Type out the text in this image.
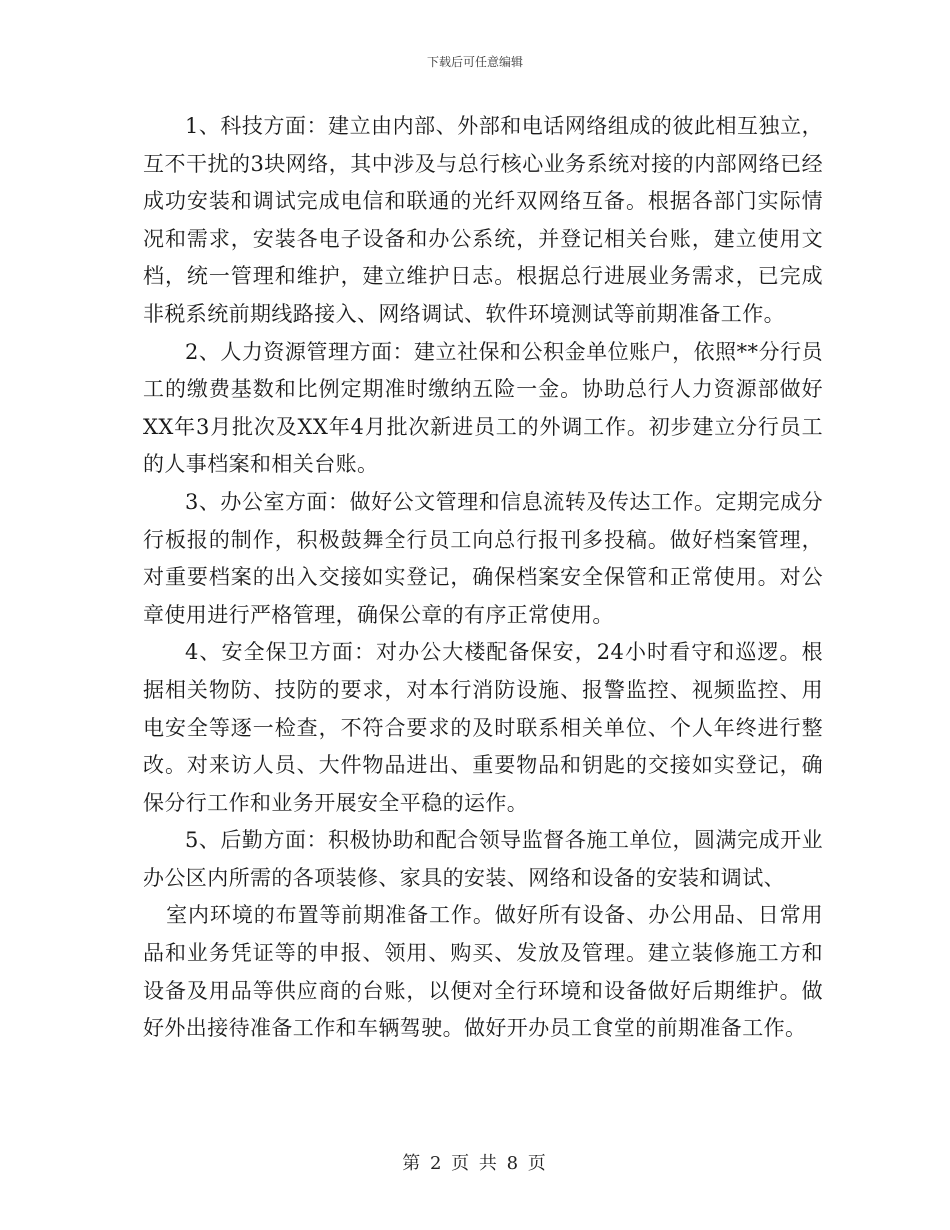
下载后可任意编辑

1、科技方面：建立由内部、外部和电话网络组成的彼此相互独立，互不干扰的3块网络，其中涉及与总行核心业务系统对接的内部网络已经成功安装和调试完成电信和联通的光纤双网络互备。根据各部门实际情况和需求，安装各电子设备和办公系统，并登记相关台账，建立使用文档，统一管理和维护，建立维护日志。根据总行进展业务需求，已完成非税系统前期线路接入、网络调试、软件环境测试等前期准备工作。

2、人力资源管理方面：建立社保和公积金单位账户，依照**分行员工的缴费基数和比例定期准时缴纳五险一金。协助总行人力资源部做好XX年3月批次及XX年4月批次新进员工的外调工作。初步建立分行员工的人事档案和相关台账。

3、办公室方面：做好公文管理和信息流转及传达工作。定期完成分行板报的制作，积极鼓舞全行员工向总行报刊多投稿。做好档案管理，对重要档案的出入交接如实登记，确保档案安全保管和正常使用。对公章使用进行严格管理，确保公章的有序正常使用。

4、安全保卫方面：对办公大楼配备保安，24小时看守和巡逻。根据相关物防、技防的要求，对本行消防设施、报警监控、视频监控、用电安全等逐一检查，不符合要求的及时联系相关单位、个人年终进行整改。对来访人员、大件物品进出、重要物品和钥匙的交接如实登记，确保分行工作和业务开展安全平稳的运作。

5、后勤方面：积极协助和配合领导监督各施工单位，圆满完成开业办公区内所需的各项装修、家具的安装、网络和设备的安装和调试、

室内环境的布置等前期准备工作。做好所有设备、办公用品、日常用品和业务凭证等的申报、领用、购买、发放及管理。建立装修施工方和设备及用品等供应商的台账，以便对全行环境和设备做好后期维护。做好外出接待准备工作和车辆驾驶。做好开办员工食堂的前期准备工作。

第 2 页 共 8 页
